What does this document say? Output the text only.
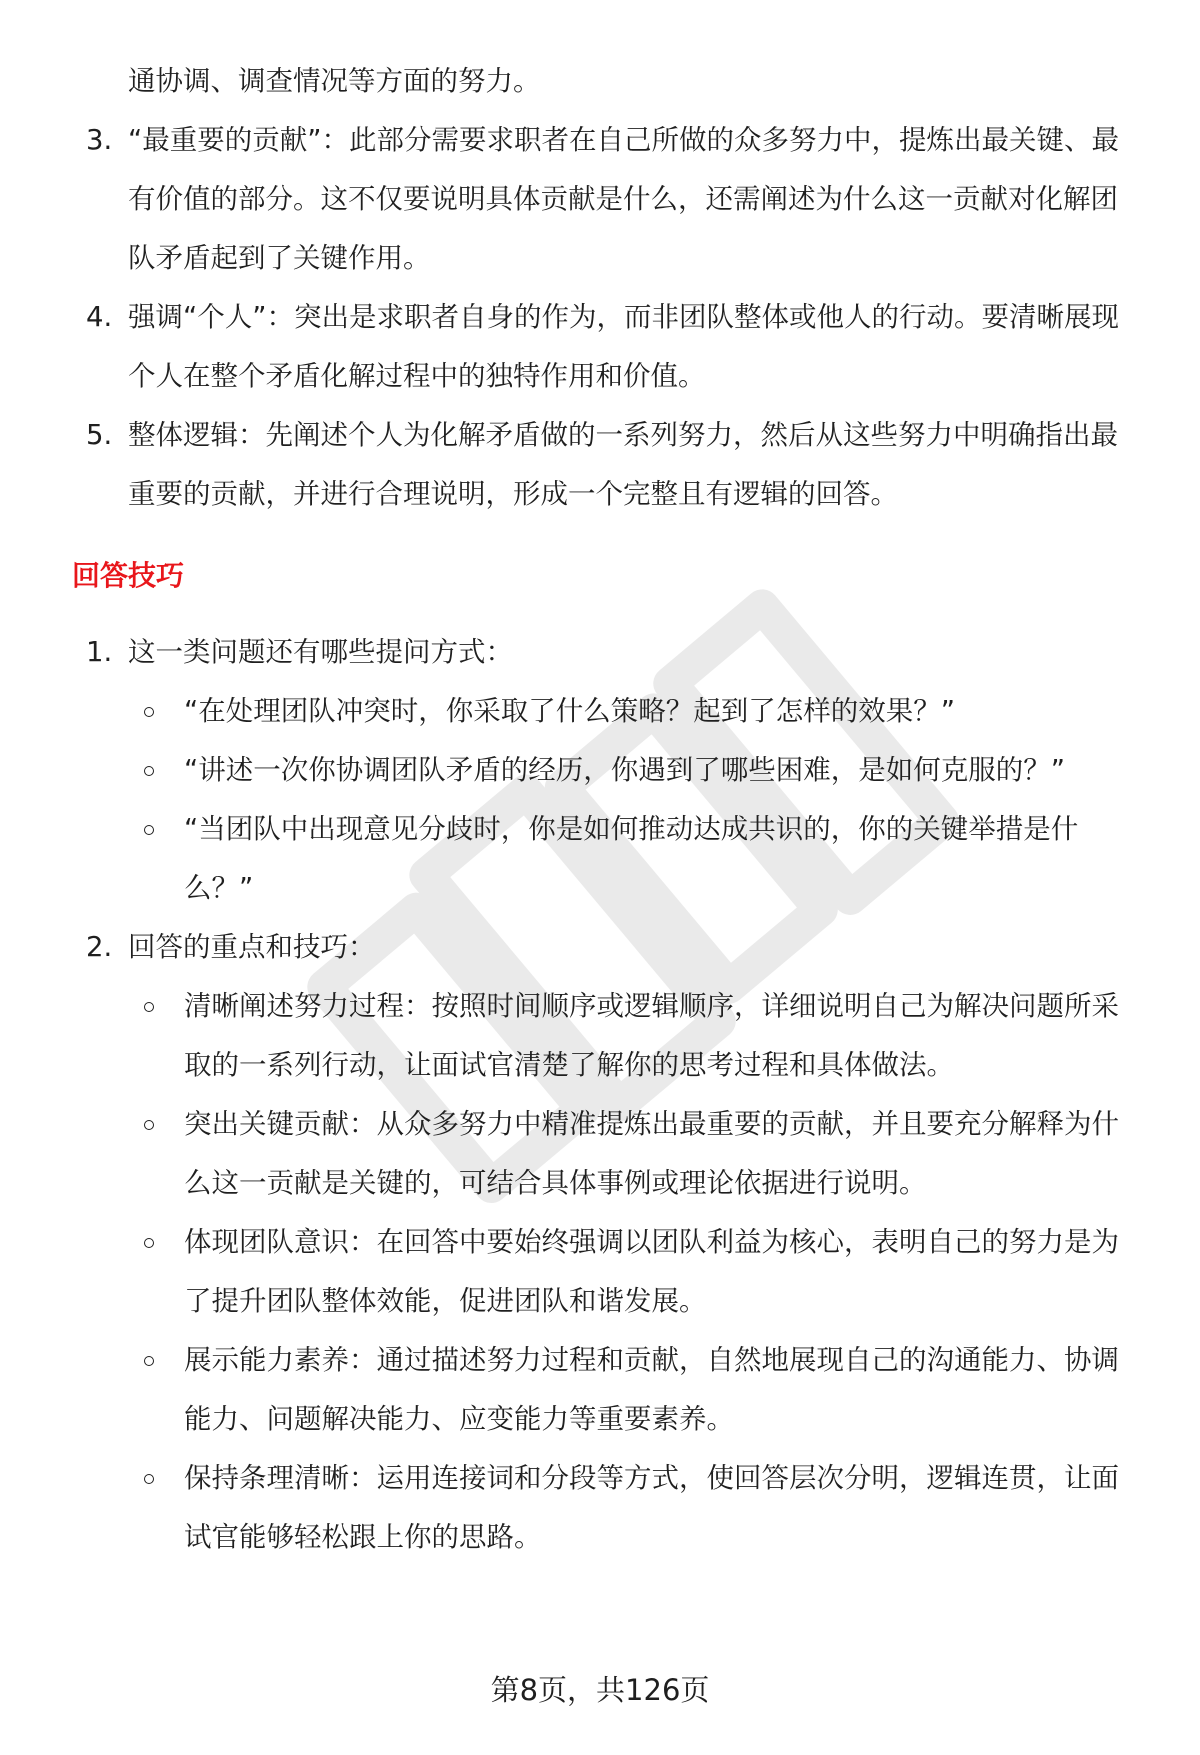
通协调、调查情况等方面的努力。
3. “最重要的贡献”：此部分需要求职者在自己所做的众多努力中，提炼出最关键、最有价值的部分。这不仅要说明具体贡献是什么，还需阐述为什么这一贡献对化解团队矛盾起到了关键作用。
4. 强调“个人”：突出是求职者自身的作为，而非团队整体或他人的行动。要清晰展现个人在整个矛盾化解过程中的独特作用和价值。
5. 整体逻辑：先阐述个人为化解矛盾做的一系列努力，然后从这些努力中明确指出最重要的贡献，并进行合理说明，形成一个完整且有逻辑的回答。
回答技巧
1. 这一类问题还有哪些提问方式：
“在处理团队冲突时，你采取了什么策略？起到了怎样的效果？”
“讲述一次你协调团队矛盾的经历，你遇到了哪些困难，是如何克服的？”
“当团队中出现意见分歧时，你是如何推动达成共识的，你的关键举措是什么？”
2. 回答的重点和技巧：
清晰阐述努力过程：按照时间顺序或逻辑顺序，详细说明自己为解决问题所采取的一系列行动，让面试官清楚了解你的思考过程和具体做法。
突出关键贡献：从众多努力中精准提炼出最重要的贡献，并且要充分解释为什么这一贡献是关键的，可结合具体事例或理论依据进行说明。
体现团队意识：在回答中要始终强调以团队利益为核心，表明自己的努力是为了提升团队整体效能，促进团队和谐发展。
展示能力素养：通过描述努力过程和贡献，自然地展现自己的沟通能力、协调能力、问题解决能力、应变能力等重要素养。
保持条理清晰：运用连接词和分段等方式，使回答层次分明，逻辑连贯，让面试官能够轻松跟上你的思路。
第8页，共126页
